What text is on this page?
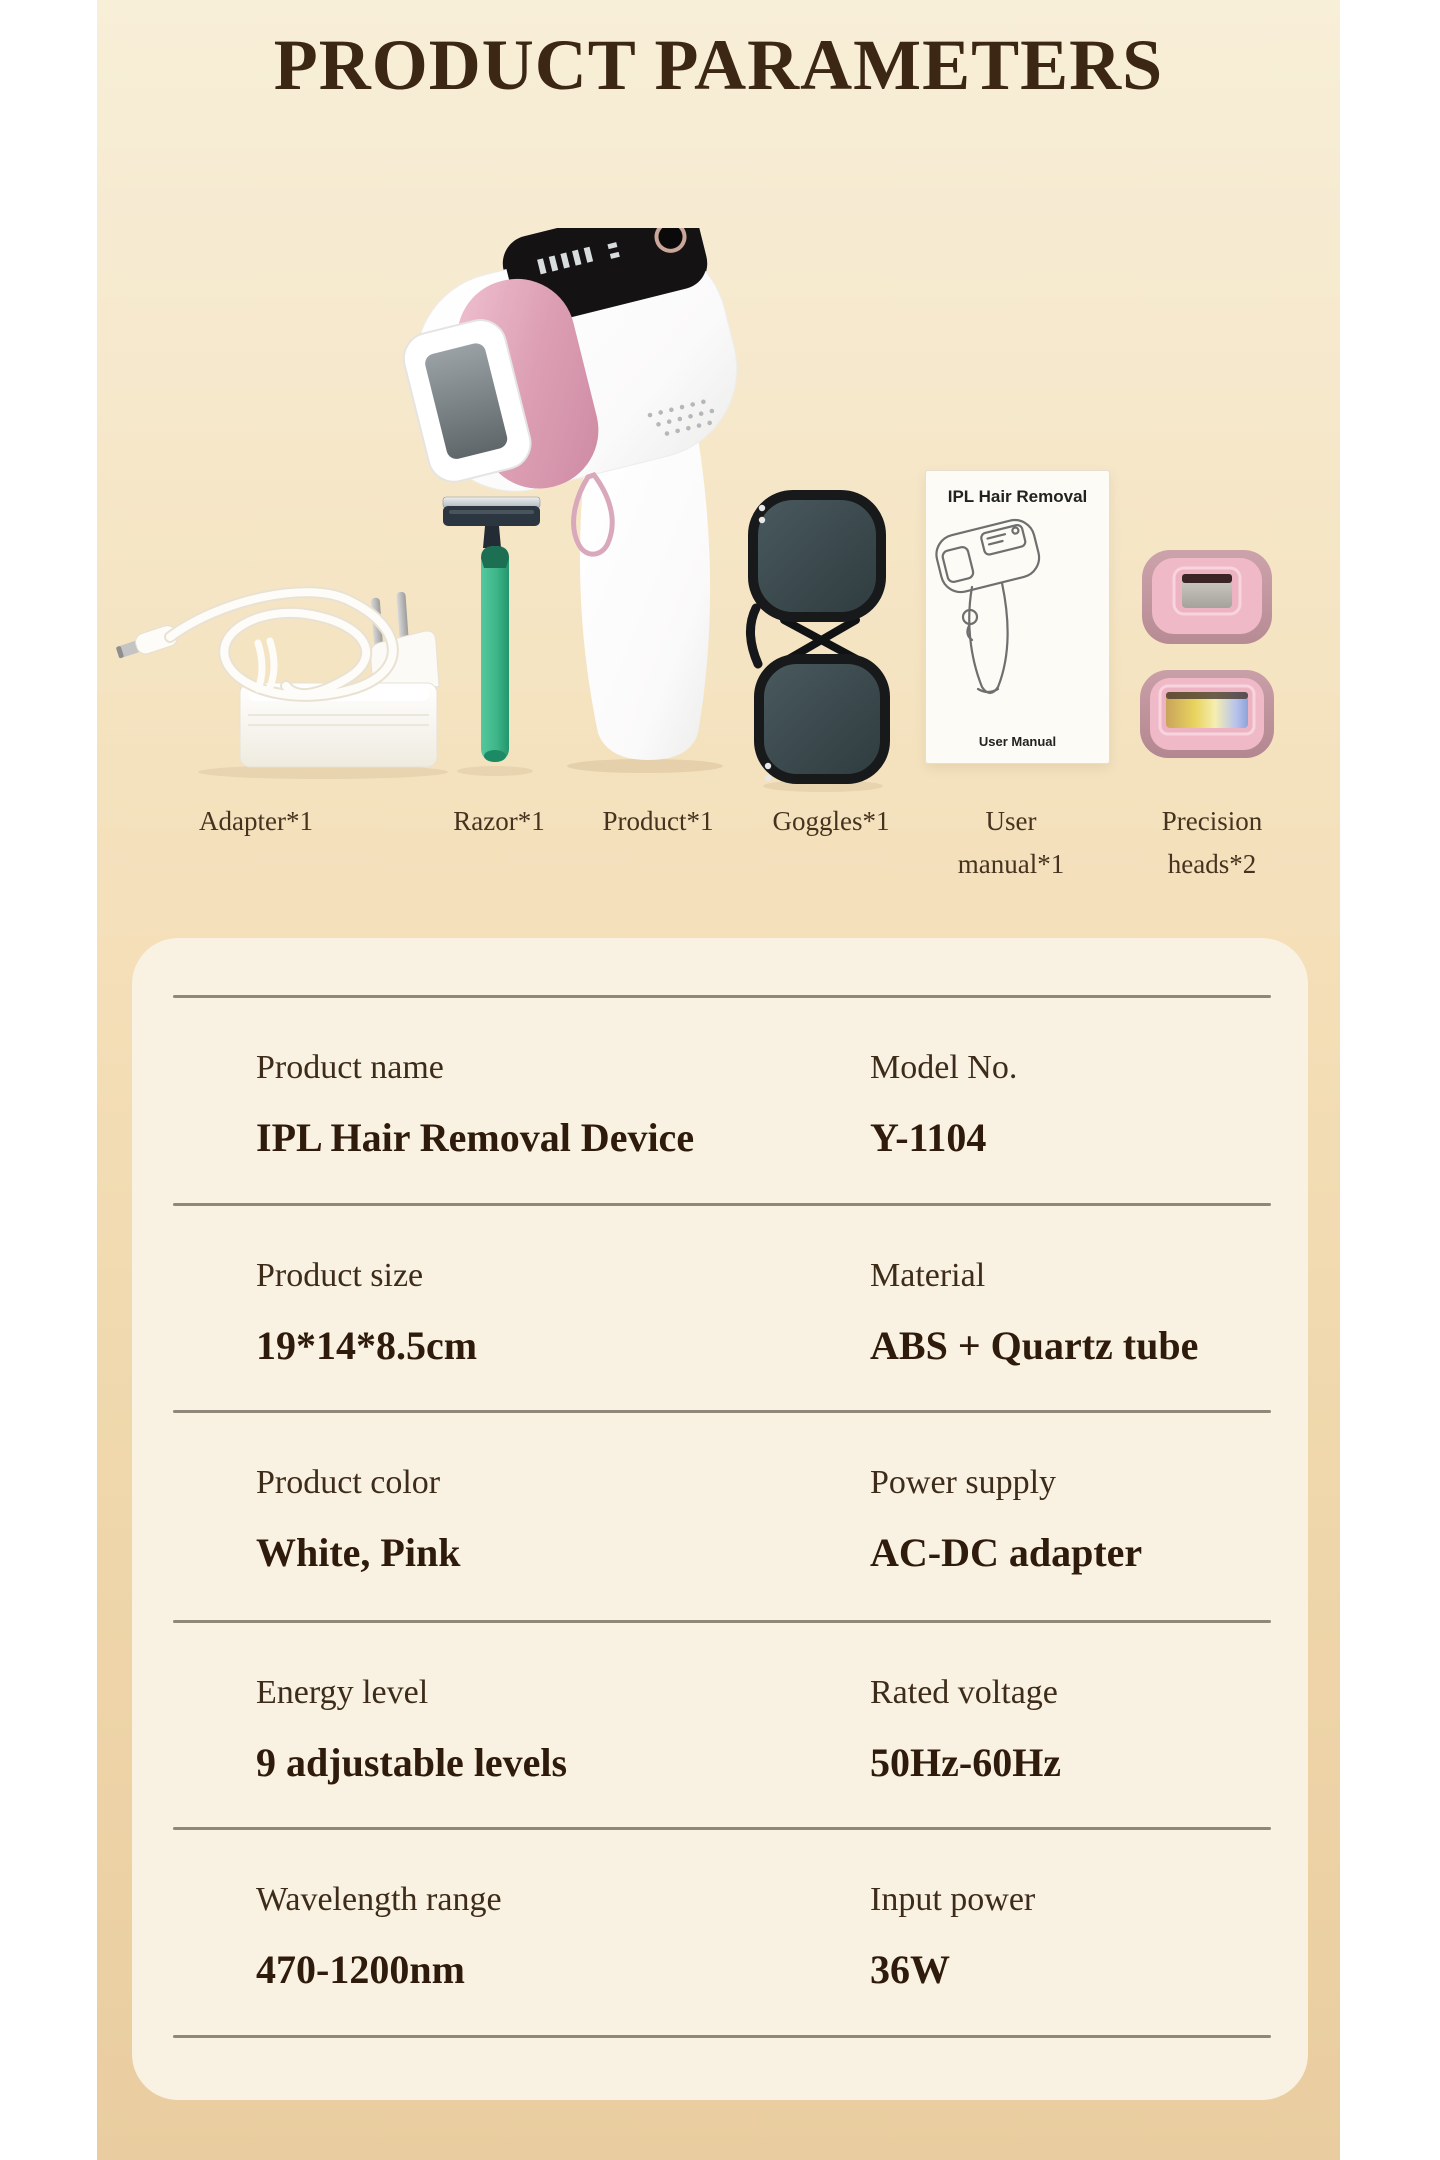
PRODUCT PARAMETERS
IPL Hair Removal
User Manual
Adapter*1	Razor*1 Product*1 Goggles*1	User manual*1
Precision heads*2
Product name
IPL Hair Removal Device
Model No.
Y-1104
Product size
19*14*8.5cm
Material
ABS + Quartz tube
Product color
White, Pink
Power supply
AC-DC adapter
Energy level
9 adjustable levels
Rated voltage
50Hz-60Hz
Wavelength range
470-1200nm
Input power
36W
